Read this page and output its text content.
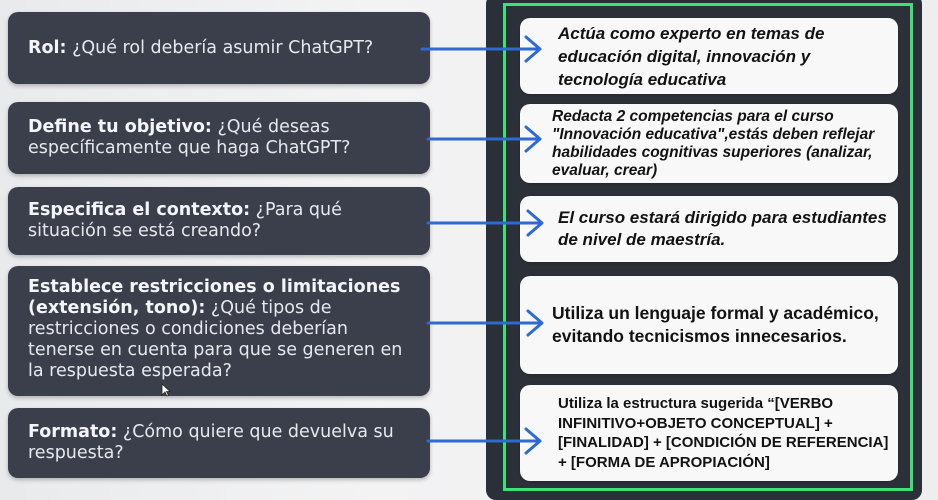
Rol: ¿Qué rol debería asumir ChatGPT?

Define tu objetivo: ¿Qué deseas específicamente que haga ChatGPT?

Especifica el contexto: ¿Para qué situación se está creando?

Establece restricciones o limitaciones (extensión, tono): ¿Qué tipos de restricciones o condiciones deberían tenerse en cuenta para que se generen en la respuesta esperada?

Formato: ¿Cómo quiere que devuelva su respuesta?

Actúa como experto en temas de educación digital, innovación y tecnología educativa

Redacta 2 competencias para el curso "Innovación educativa",estás deben reflejar habilidades cognitivas superiores (analizar, evaluar, crear)

El curso estará dirigido para estudiantes de nivel de maestría.

Utiliza un lenguaje formal y académico, evitando tecnicismos innecesarios.

Utiliza la estructura sugerida “[VERBO INFINITIVO+OBJETO CONCEPTUAL] + [FINALIDAD] + [CONDICIÓN DE REFERENCIA] + [FORMA DE APROPIACIÓN]
